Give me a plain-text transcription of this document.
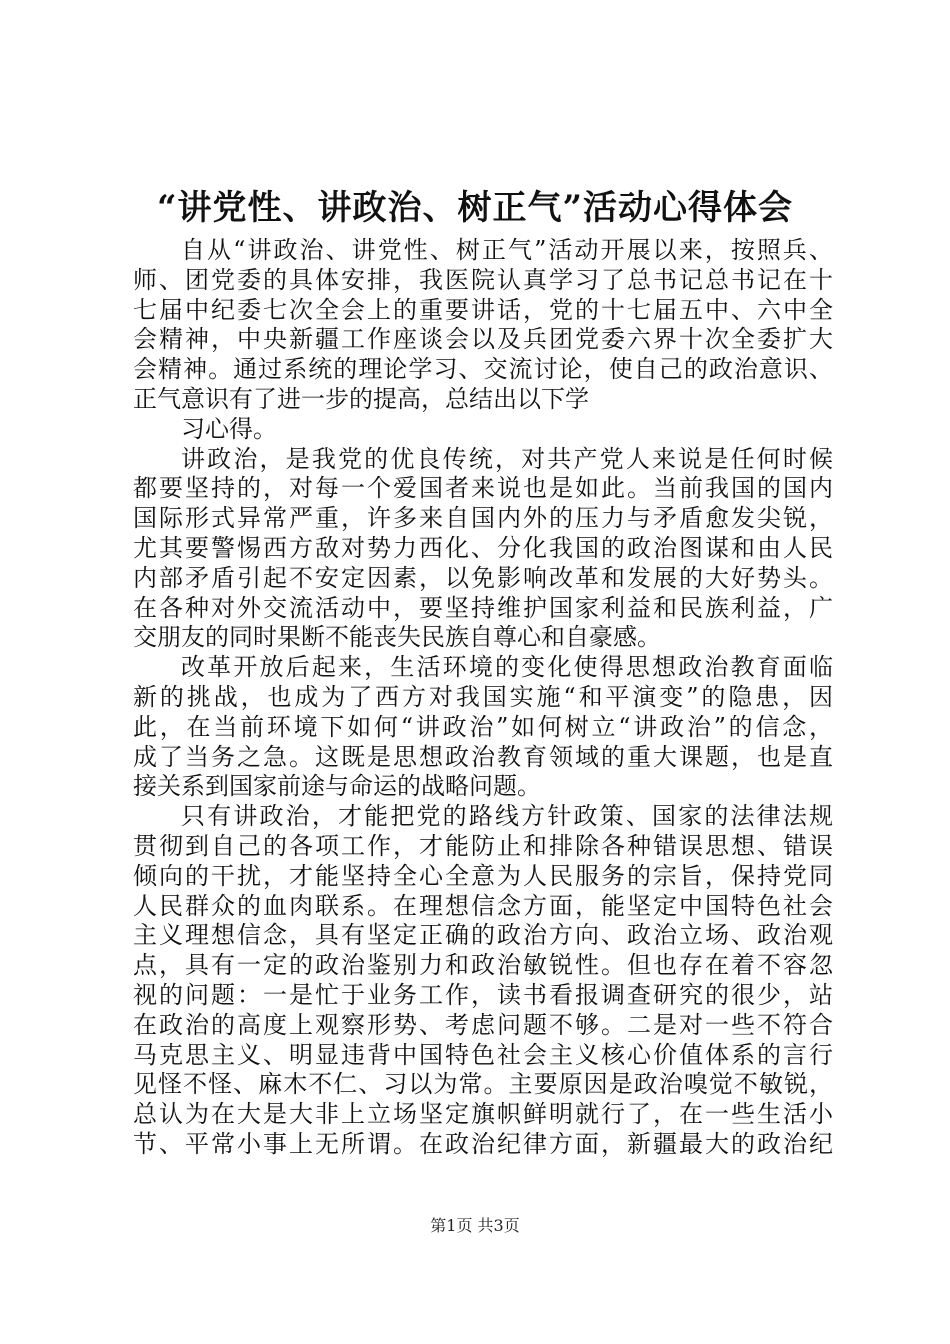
“讲党性、讲政治、树正气”活动心得体会
自从“讲政治、讲党性、树正气”活动开展以来，按照兵、
师、团党委的具体安排，我医院认真学习了总书记总书记在十
七届中纪委七次全会上的重要讲话，党的十七届五中、六中全
会精神，中央新疆工作座谈会以及兵团党委六界十次全委扩大
会精神。通过系统的理论学习、交流讨论，使自己的政治意识、
正气意识有了进一步的提高，总结出以下学
习心得。
讲政治，是我党的优良传统，对共产党人来说是任何时候
都要坚持的，对每一个爱国者来说也是如此。当前我国的国内
国际形式异常严重，许多来自国内外的压力与矛盾愈发尖锐，
尤其要警惕西方敌对势力西化、分化我国的政治图谋和由人民
内部矛盾引起不安定因素，以免影响改革和发展的大好势头。
在各种对外交流活动中，要坚持维护国家利益和民族利益，广
交朋友的同时果断不能丧失民族自尊心和自豪感。
改革开放后起来，生活环境的变化使得思想政治教育面临
新的挑战，也成为了西方对我国实施“和平演变”的隐患，因
此，在当前环境下如何“讲政治”如何树立“讲政治”的信念，
成了当务之急。这既是思想政治教育领域的重大课题，也是直
接关系到国家前途与命运的战略问题。
只有讲政治，才能把党的路线方针政策、国家的法律法规
贯彻到自己的各项工作，才能防止和排除各种错误思想、错误
倾向的干扰，才能坚持全心全意为人民服务的宗旨，保持党同
人民群众的血肉联系。在理想信念方面，能坚定中国特色社会
主义理想信念，具有坚定正确的政治方向、政治立场、政治观
点，具有一定的政治鉴别力和政治敏锐性。但也存在着不容忽
视的问题：一是忙于业务工作，读书看报调查研究的很少，站
在政治的高度上观察形势、考虑问题不够。二是对一些不符合
马克思主义、明显违背中国特色社会主义核心价值体系的言行
见怪不怪、麻木不仁、习以为常。主要原因是政治嗅觉不敏锐，
总认为在大是大非上立场坚定旗帜鲜明就行了，在一些生活小
节、平常小事上无所谓。在政治纪律方面，新疆最大的政治纪
第1页 共3页
